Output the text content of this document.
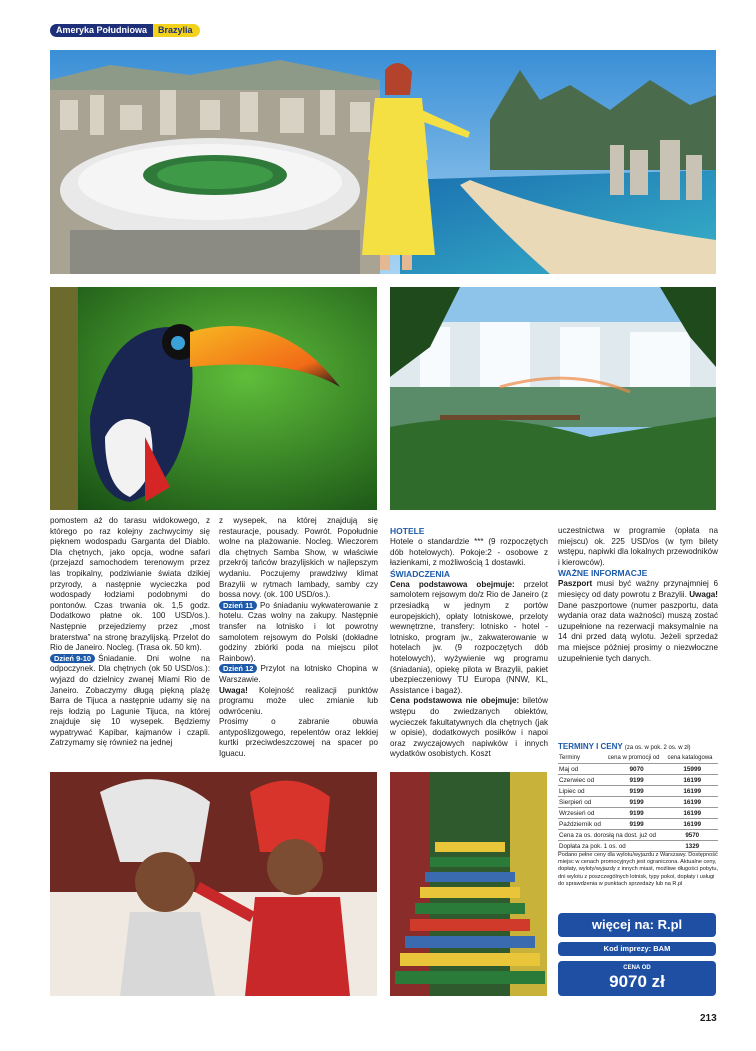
Ameryka Południowa	Brazylia

pomostem aż do tarasu widokowego, z którego po raz kolejny zachwycimy się pięknem wodospadu Garganta del Diablo. Dla chętnych, jako opcja, wodne safari (przejazd samochodem terenowym przez las tropikalny, podziwianie świata dzikiej przyrody, a następnie wycieczka pod wodospady łodziami podobnymi do pontonów. Czas trwania ok. 1,5 godz. Dodatkowo płatne ok. 100 USD/os.). Następnie przejedziemy przez „most braterstwa” na stronę brazylijską. Przelot do Rio de Janeiro. Nocleg. (Trasa ok. 50 km).

Dzień 9-10 Śniadanie. Dni wolne na odpoczynek. Dla chętnych (ok 50 USD/os.): wyjazd do dzielnicy zwanej Miami Rio de Janeiro. Zobaczymy długą piękną plażę Barra de Tijuca a następnie udamy się na rejs łodzią po Lagunie Tijuca, na której znajduje się 10 wysepek. Będziemy wypatrywać Kapibar, kajmanów i czapli. Zatrzymamy się również na jednej

z wysepek, na której znajdują się restauracje, pousady. Powrót. Popołudnie wolne na plażowanie. Nocleg. Wieczorem dla chętnych Samba Show, w właściwie przekrój tańców brazylijskich w najlepszym wydaniu. Poczujemy prawdziwy klimat Brazylii w rytmach lambady, samby czy bossa novy. (ok. 100 USD/os.).

Dzień 11 Po śniadaniu wykwaterowanie z hotelu. Czas wolny na zakupy. Następnie transfer na lotnisko i lot powrotny samolotem rejsowym do Polski (dokładne godziny zbiórki poda na miejscu pilot Rainbow).

Dzień 12 Przylot na lotnisko Chopina w Warszawie.

Uwaga! Kolejność realizacji punktów programu może ulec zmianie lub odwróceniu.

Prosimy o zabranie obuwia antypoślizgowego, repelentów oraz lekkiej kurtki przeciwdeszczowej na spacer po Iguacu.

HOTELE

Hotele o standardzie *** (9 rozpoczętych dób hotelowych). Pokoje:2 - osobowe z łazienkami, z możliwością 1 dostawki.

ŚWIADCZENIA

Cena podstawowa obejmuje: przelot samolotem rejsowym do/z Rio de Janeiro (z przesiadką w jednym z portów europejskich), opłaty lotniskowe, przeloty wewnętrzne, transfery: lotnisko - hotel - lotnisko, program jw., zakwaterowanie w hotelach jw. (9 rozpoczętych dób hotelowych), wyżywienie wg programu (śniadania), opiekę pilota w Brazylii, pakiet ubezpieczeniowy TU Europa (NNW, KL, Assistance i bagaż).

Cena podstawowa nie obejmuje: biletów wstępu do zwiedzanych obiektów, wycieczek fakultatywnych dla chętnych (jak w opisie), dodatkowych posiłków i napoi oraz zwyczajowych napiwków i innych wydatków osobistych. Koszt

uczestnictwa w programie (opłata na miejscu) ok. 225 USD/os (w tym bilety wstępu, napiwki dla lokalnych przewodników i kierowców).

WAŻNE INFORMACJE

Paszport musi być ważny przynajmniej 6 miesięcy od daty powrotu z Brazylii. Uwaga! Dane paszportowe (numer paszportu, data wydania oraz data ważności) muszą zostać uzupełnione na rezerwacji maksymalnie na 14 dni przed datą wylotu. Jeżeli sprzedaż ma miejsce później prosimy o niezwłoczne uzupełnienie tych danych.

TERMINY I CENY (za os. w pok. 2 os. w zł)
Terminy	cena w promocji od	cena katalogowa
Maj od	9070	15999
Czerwiec od	9199	16199
Lipiec od	9199	16199
Sierpień od	9199	16199
Wrzesień od	9199	16199
Październik od	9199	16199
Cena za os. dorosłą na dost. już od		9570
Dopłata za pok. 1 os. od		1329
Podano pełne ceny dla wylotu/wyjazdu z Warszawy. Dostępność miejsc w cenach promocyjnych jest ograniczona. Aktualne ceny, dopłaty, wyloty/wyjazdy z innych miast, możliwe długości pobytu, dni wylotu z poszczególnych lotnisk, typy pokoi, dopłaty i usługi do sprawdzenia w punktach sprzedaży lub na R.pl
więcej na: R.pl
Kod imprezy: BAM
CENA OD
9070 zł
213
